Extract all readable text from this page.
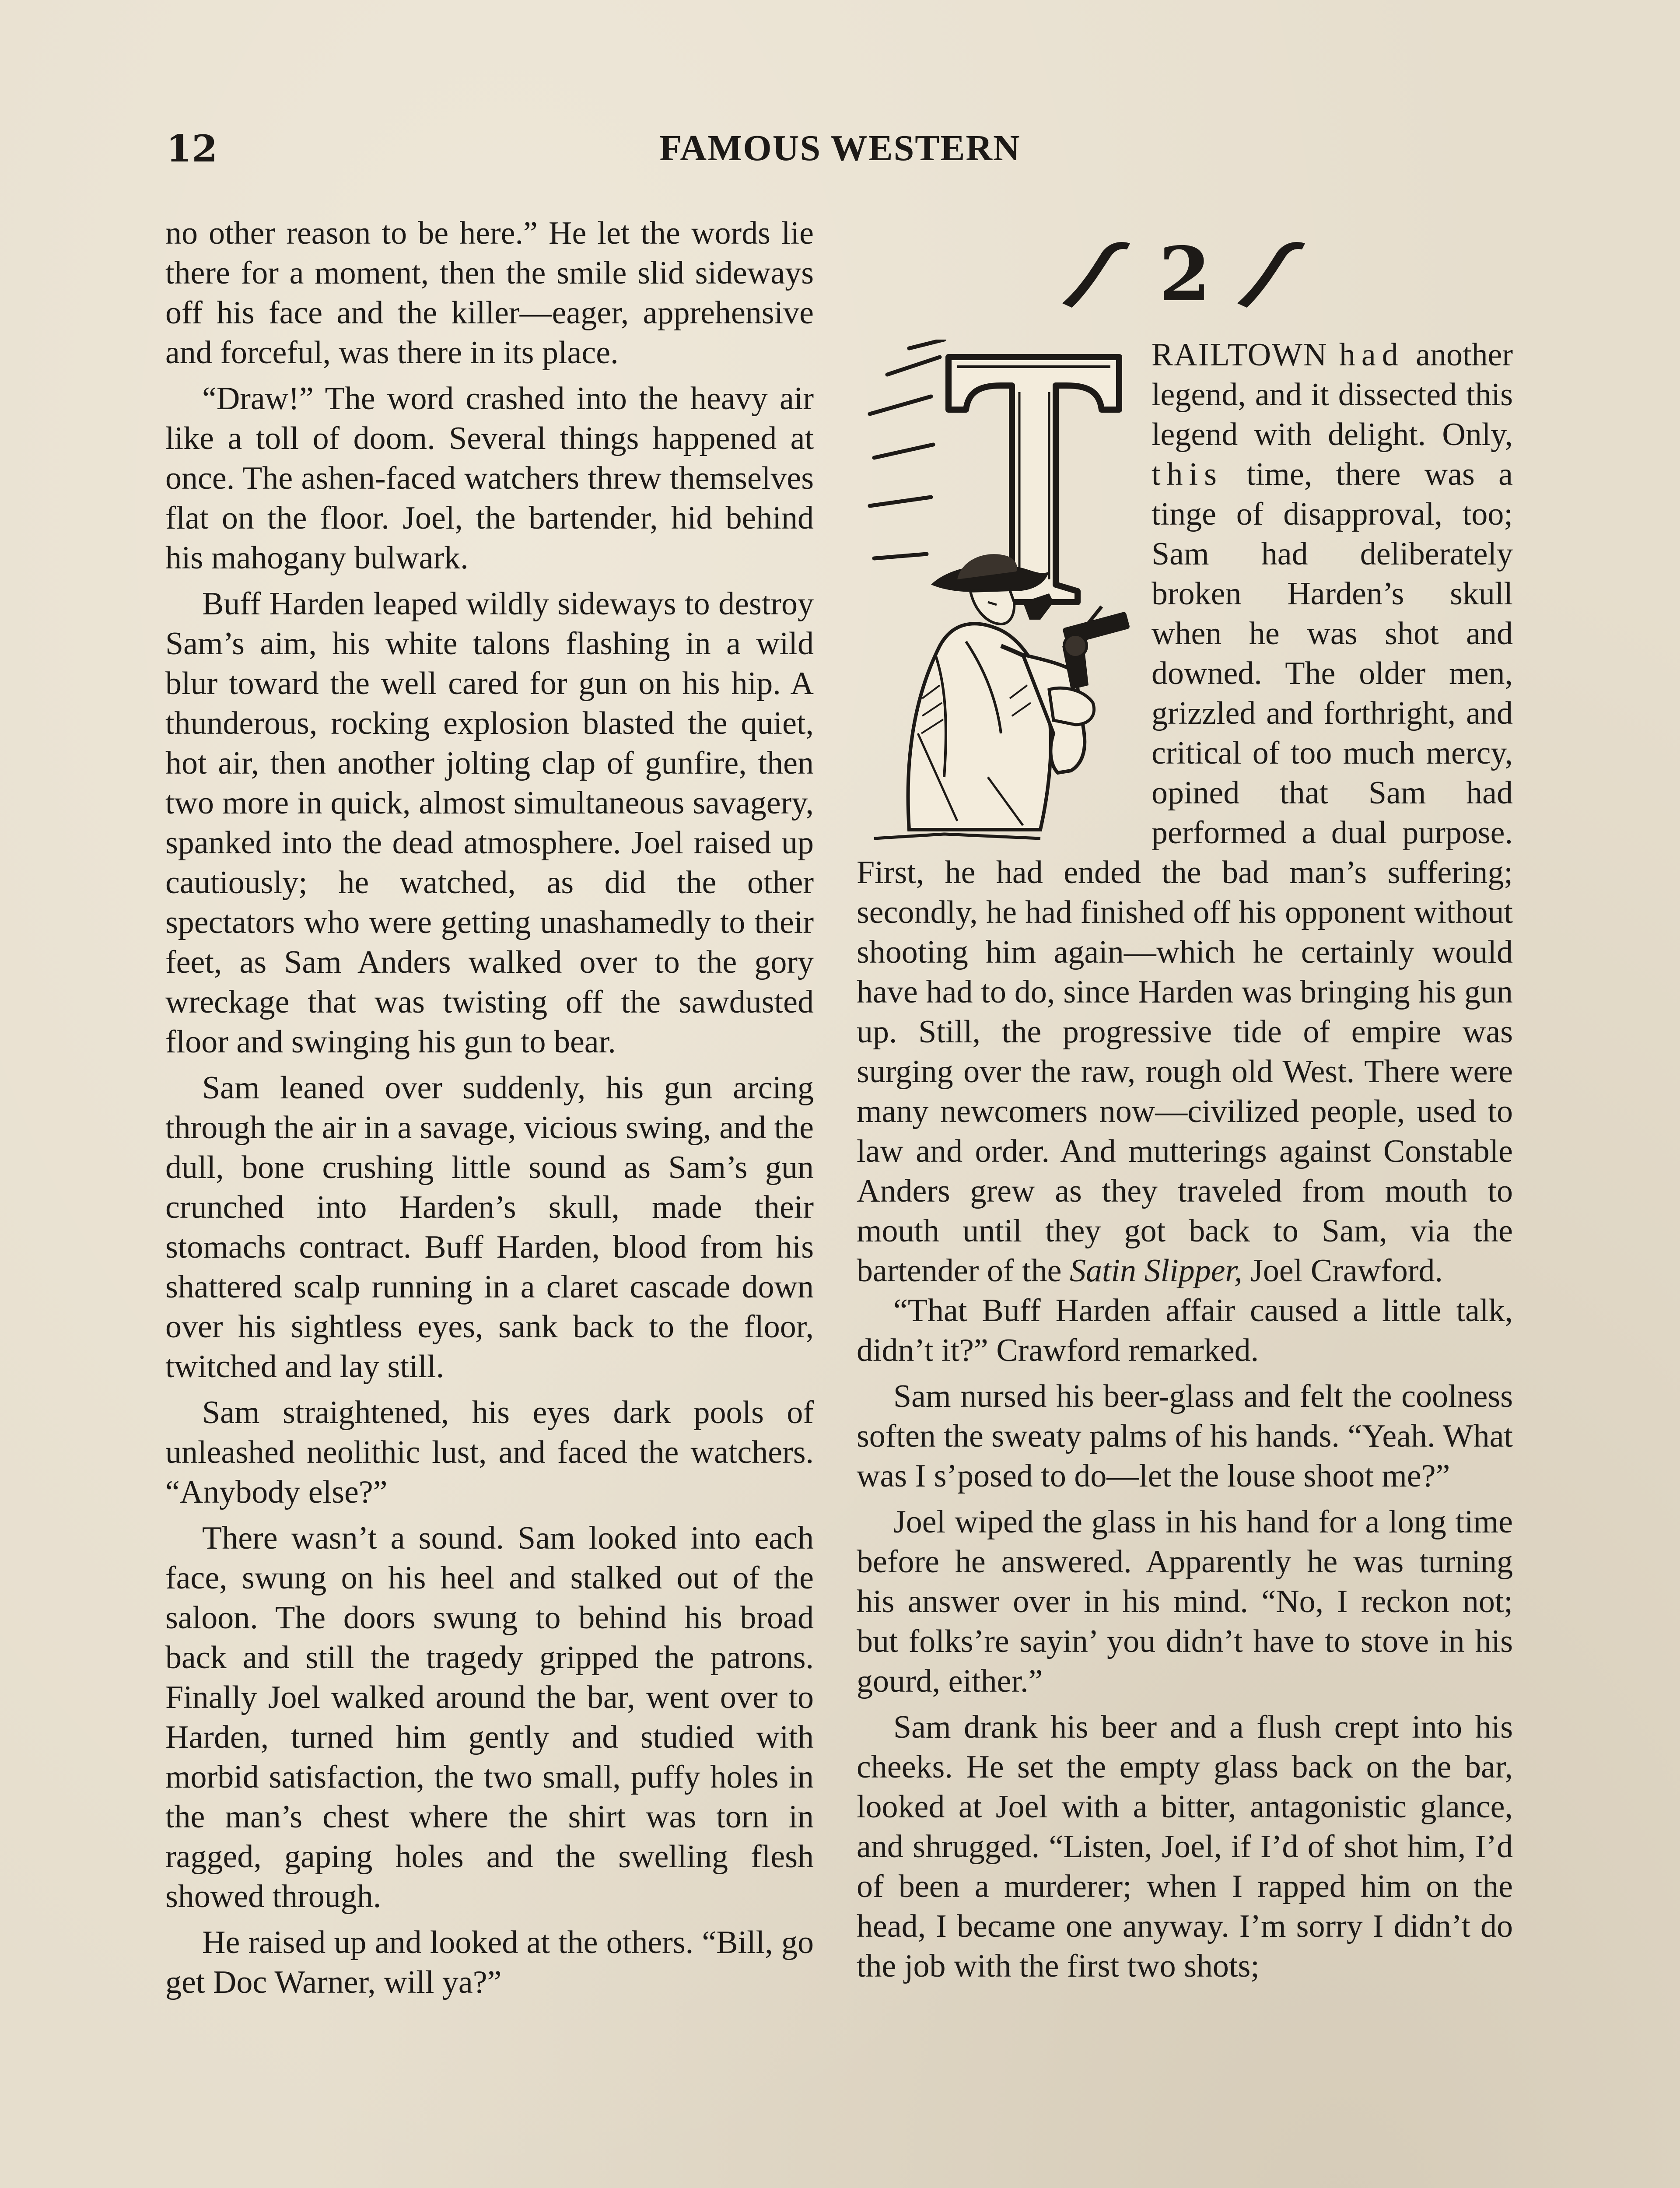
12	FAMOUS WESTERN

no other reason to be here.” He let the words lie there for a moment, then the smile slid sideways off his face and the killer—eager, apprehensive and forceful, was there in its place.

“Draw!” The word crashed into the heavy air like a toll of doom. Several things happened at once. The ashen-faced watchers threw themselves flat on the floor. Joel, the bartender, hid behind his mahogany bulwark.

Buff Harden leaped wildly sideways to destroy Sam’s aim, his white talons flashing in a wild blur toward the well cared for gun on his hip. A thunderous, rocking explosion blasted the quiet, hot air, then another jolting clap of gunfire, then two more in quick, almost simultaneous savagery, spanked into the dead atmosphere. Joel raised up cautiously; he watched, as did the other spectators who were getting unashamedly to their feet, as Sam Anders walked over to the gory wreckage that was twisting off the sawdusted floor and swinging his gun to bear.

Sam leaned over suddenly, his gun arcing through the air in a savage, vicious swing, and the dull, bone crushing little sound as Sam’s gun crunched into Harden’s skull, made their stomachs contract. Buff Harden, blood from his shattered scalp running in a claret cascade down over his sightless eyes, sank back to the floor, twitched and lay still.

Sam straightened, his eyes dark pools of unleashed neolithic lust, and faced the watchers. “Anybody else?”

There wasn’t a sound. Sam looked into each face, swung on his heel and stalked out of the saloon. The doors swung to behind his broad back and still the tragedy gripped the patrons. Finally Joel walked around the bar, went over to Harden, turned him gently and studied with morbid satisfaction, the two small, puffy holes in the man’s chest where the shirt was torn in ragged, gaping holes and the swelling flesh showed through.

He raised up and looked at the others. “Bill, go get Doc Warner, will ya?”

2

RAILTOWN had another legend, and it dissected this legend with delight. Only, this time, there was a tinge of disapproval, too; Sam had deliberately broken Harden’s skull when he was shot and downed. The older men, grizzled and forthright, and critical of too much mercy, opined that Sam had performed a dual purpose. First, he had ended the bad man’s suffering; secondly, he had finished off his opponent without shooting him again—which he certainly would have had to do, since Harden was bringing his gun up. Still, the progressive tide of empire was surging over the raw, rough old West. There were many newcomers now—civilized people, used to law and order. And mutterings against Constable Anders grew as they traveled from mouth to mouth until they got back to Sam, via the bartender of the Satin Slipper, Joel Crawford.

“That Buff Harden affair caused a little talk, didn’t it?” Crawford remarked.

Sam nursed his beer-glass and felt the coolness soften the sweaty palms of his hands. “Yeah. What was I s’posed to do—let the louse shoot me?”

Joel wiped the glass in his hand for a long time before he answered. Apparently he was turning his answer over in his mind. “No, I reckon not; but folks’re sayin’ you didn’t have to stove in his gourd, either.”

Sam drank his beer and a flush crept into his cheeks. He set the empty glass back on the bar, looked at Joel with a bitter, antagonistic glance, and shrugged. “Listen, Joel, if I’d of shot him, I’d of been a murderer; when I rapped him on the head, I became one anyway. I’m sorry I didn’t do the job with the first two shots;
